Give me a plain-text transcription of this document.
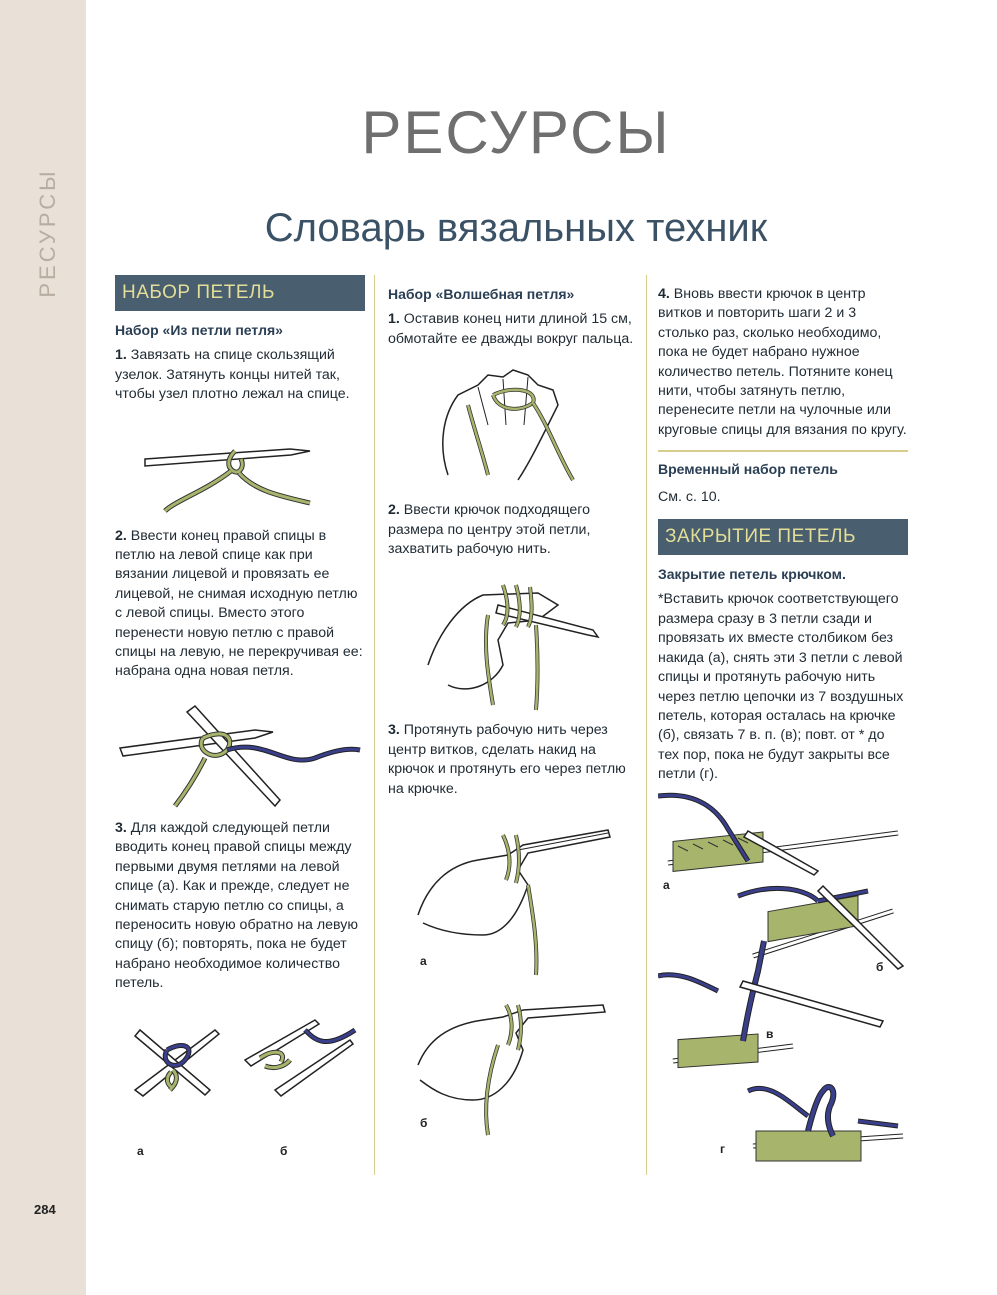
РЕСУРСЫ
284
РЕСУРСЫ
Словарь вязальных техник
НАБОР ПЕТЕЛЬ
Набор «Из петли петля»

1. Завязать на спице скользящий узелок. Затянуть концы нитей так, чтобы узел плотно лежал на спице.

2. Ввести конец правой спицы в петлю на левой спице как при вязании лицевой и провязать ее лицевой, не снимая исходную петлю с левой спицы. Вместо этого перенести новую петлю с правой спицы на левую, не перекручивая ее: набрана одна новая петля.

3. Для каждой следующей петли вводить конец правой спицы между первыми двумя петлями на левой спице (а). Как и прежде, следует не снимать старую петлю со спицы, а переносить новую обратно на левую спицу (б); повторять, пока не будет набрано необходимое количество петель.

а	б
Набор «Волшебная петля»

1. Оставив конец нити длиной 15 см, обмотайте ее дважды вокруг пальца.

2. Ввести крючок подходящего размера по центру этой петли, захватить рабочую нить.

3. Протянуть рабочую нить через центр витков, сделать накид на крючок и протянуть его через петлю на крючке.

а
б

4. Вновь ввести крючок в центр витков и повторить шаги 2 и 3 столько раз, сколько необходимо, пока не будет набрано нужное количество петель. Потяните конец нити, чтобы затянуть петлю, перенесите петли на чулочные или круговые спицы для вязания по кругу.

Временный набор петель

См. с. 10.

ЗАКРЫТИЕ ПЕТЕЛЬ
Закрытие петель крючком.

*Вставить крючок соответствующего размера сразу в 3 петли сзади и провязать их вместе столбиком без накида (а), снять эти 3 петли с левой спицы и протянуть рабочую нить через петлю цепочки из 7 воздушных петель, которая осталась на крючке (б), связать 7 в. п. (в); повт. от * до тех пор, пока не будут закрыты все петли (г).

а
б
в
г
